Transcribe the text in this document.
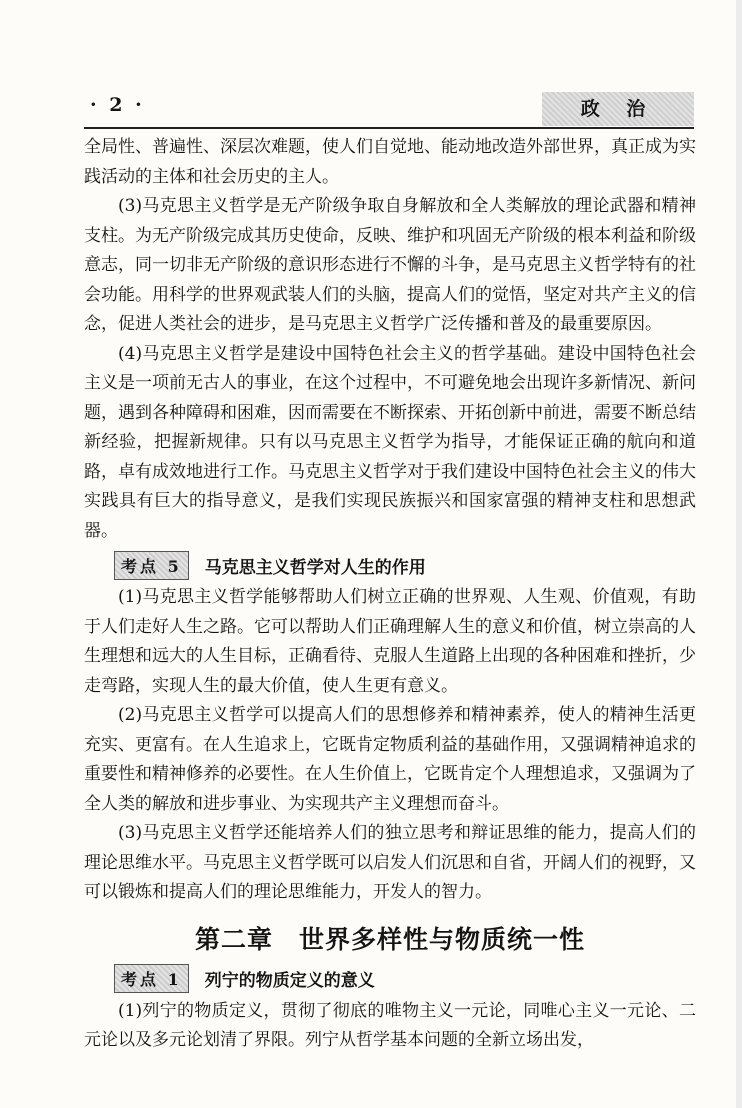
· 2 ·	政 治

全局性、普遍性、深层次难题，使人们自觉地、能动地改造外部世界，真正成为实践活动的主体和社会历史的主人。

(3)马克思主义哲学是无产阶级争取自身解放和全人类解放的理论武器和精神支柱。为无产阶级完成其历史使命，反映、维护和巩固无产阶级的根本利益和阶级意志，同一切非无产阶级的意识形态进行不懈的斗争，是马克思主义哲学特有的社会功能。用科学的世界观武装人们的头脑，提高人们的觉悟，坚定对共产主义的信念，促进人类社会的进步，是马克思主义哲学广泛传播和普及的最重要原因。

(4)马克思主义哲学是建设中国特色社会主义的哲学基础。建设中国特色社会主义是一项前无古人的事业，在这个过程中，不可避免地会出现许多新情况、新问题，遇到各种障碍和困难，因而需要在不断探索、开拓创新中前进，需要不断总结新经验，把握新规律。只有以马克思主义哲学为指导，才能保证正确的航向和道路，卓有成效地进行工作。马克思主义哲学对于我们建设中国特色社会主义的伟大实践具有巨大的指导意义，是我们实现民族振兴和国家富强的精神支柱和思想武器。

考点 5	马克思主义哲学对人生的作用

(1)马克思主义哲学能够帮助人们树立正确的世界观、人生观、价值观，有助于人们走好人生之路。它可以帮助人们正确理解人生的意义和价值，树立崇高的人生理想和远大的人生目标，正确看待、克服人生道路上出现的各种困难和挫折，少走弯路，实现人生的最大价值，使人生更有意义。

(2)马克思主义哲学可以提高人们的思想修养和精神素养，使人的精神生活更充实、更富有。在人生追求上，它既肯定物质利益的基础作用，又强调精神追求的重要性和精神修养的必要性。在人生价值上，它既肯定个人理想追求，又强调为了全人类的解放和进步事业、为实现共产主义理想而奋斗。

(3)马克思主义哲学还能培养人们的独立思考和辩证思维的能力，提高人们的理论思维水平。马克思主义哲学既可以启发人们沉思和自省，开阔人们的视野，又可以锻炼和提高人们的理论思维能力，开发人的智力。

第二章　世界多样性与物质统一性
考点 1	列宁的物质定义的意义

(1)列宁的物质定义，贯彻了彻底的唯物主义一元论，同唯心主义一元论、二元论以及多元论划清了界限。列宁从哲学基本问题的全新立场出发，
